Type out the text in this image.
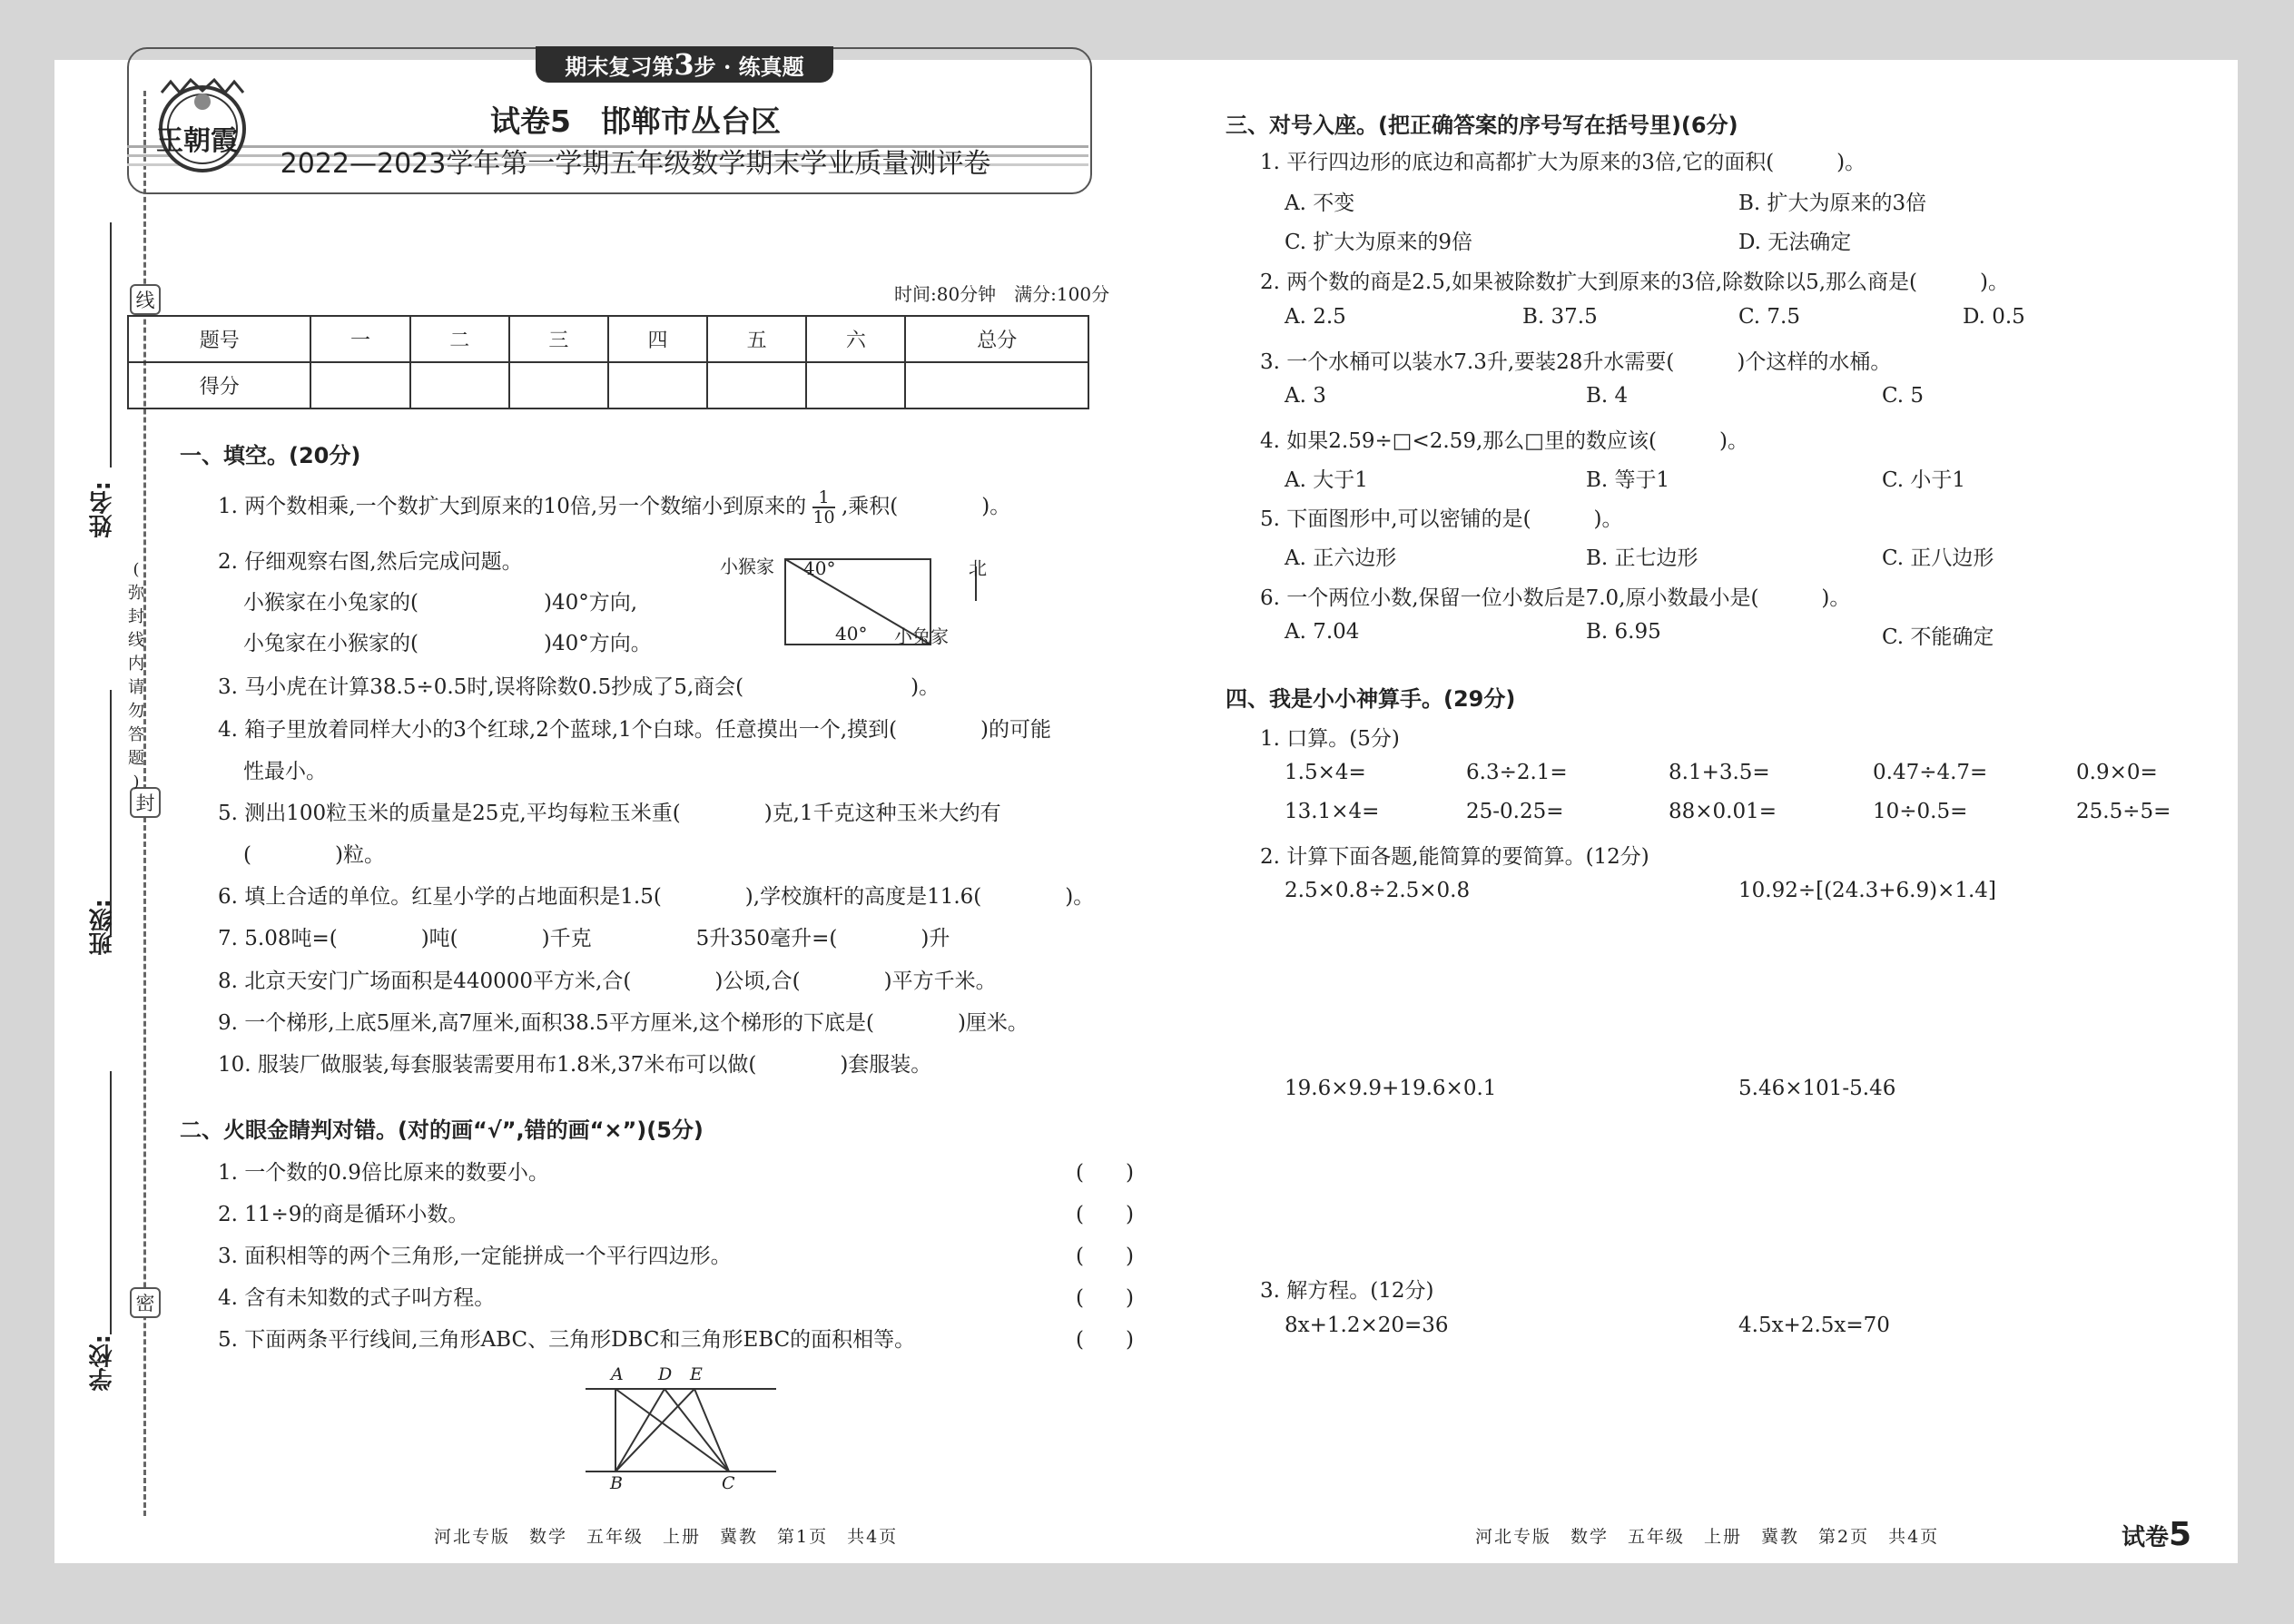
姓名:
班级:
学校:
线
封
密
(
弥
封
线
内
请
勿
答
题
)
期末复习第3步 · 练真题
王朝霞
试卷5　邯郸市丛台区
2022—2023学年第一学期五年级数学期末学业质量测评卷
时间:80分钟　满分:100分
题号	一	二	三	四	五	六	总分
得分							
一、填空。(20分)
1. 两个数相乘,一个数扩大到原来的10倍,另一个数缩小到原来的 $\frac{1}{10}$ ,乘积(　　　　)。
2. 仔细观察右图,然后完成问题。
小猴家在小兔家的(　　　　　　)40°方向,
小兔家在小猴家的(　　　　　　)40°方向。
小猴家
小兔家
40°
40°
北
3. 马小虎在计算38.5÷0.5时,误将除数0.5抄成了5,商会(　　　　　　　　)。
4. 箱子里放着同样大小的3个红球,2个蓝球,1个白球。任意摸出一个,摸到(　　　　)的可能
性最小。
5. 测出100粒玉米的质量是25克,平均每粒玉米重(　　　　)克,1千克这种玉米大约有
(　　　　)粒。
6. 填上合适的单位。红星小学的占地面积是1.5(　　　　),学校旗杆的高度是11.6(　　　　)。
7. 5.08吨=(　　　　)吨(　　　　)千克　　　　　5升350毫升=(　　　　)升
8. 北京天安门广场面积是440000平方米,合(　　　　)公顷,合(　　　　)平方千米。
9. 一个梯形,上底5厘米,高7厘米,面积38.5平方厘米,这个梯形的下底是(　　　　)厘米。
10. 服装厂做服装,每套服装需要用布1.8米,37米布可以做(　　　　)套服装。
二、火眼金睛判对错。(对的画“√”,错的画“×”)(5分)
1. 一个数的0.9倍比原来的数要小。
2. 11÷9的商是循环小数。
3. 面积相等的两个三角形,一定能拼成一个平行四边形。
4. 含有未知数的式子叫方程。
5. 下面两条平行线间,三角形ABC、三角形DBC和三角形EBC的面积相等。
(　　)
(　　)
(　　)
(　　)
(　　)
A D E
B	C
三、对号入座。(把正确答案的序号写在括号里)(6分)
1. 平行四边形的底边和高都扩大为原来的3倍,它的面积(　　　)。
A. 不变	B. 扩大为原来的3倍
C. 扩大为原来的9倍	D. 无法确定
2. 两个数的商是2.5,如果被除数扩大到原来的3倍,除数除以5,那么商是(　　　)。
A. 2.5	B. 37.5	C. 7.5	D. 0.5
3. 一个水桶可以装水7.3升,要装28升水需要(　　　)个这样的水桶。
A. 3	B. 4	C. 5
4. 如果2.59÷□<2.59,那么□里的数应该(　　　)。
A. 大于1	B. 等于1	C. 小于1
5. 下面图形中,可以密铺的是(　　　)。
A. 正六边形	B. 正七边形	C. 正八边形
6. 一个两位小数,保留一位小数后是7.0,原小数最小是(　　　)。
A. 7.04	B. 6.95	C. 不能确定
四、我是小小神算手。(29分)
1. 口算。(5分)
1.5×4=	6.3÷2.1=	8.1+3.5=	0.47÷4.7=	0.9×0=
13.1×4=	25-0.25=	88×0.01=	10÷0.5=	25.5÷5=
2. 计算下面各题,能简算的要简算。(12分)
2.5×0.8÷2.5×0.8	10.92÷[(24.3+6.9)×1.4]
19.6×9.9+19.6×0.1	5.46×101-5.46
3. 解方程。(12分)
8x+1.2×20=36	4.5x+2.5x=70
河北专版　数学　五年级　上册　冀教　第1页　共4页	河北专版　数学　五年级　上册　冀教　第2页　共4页	试卷5
